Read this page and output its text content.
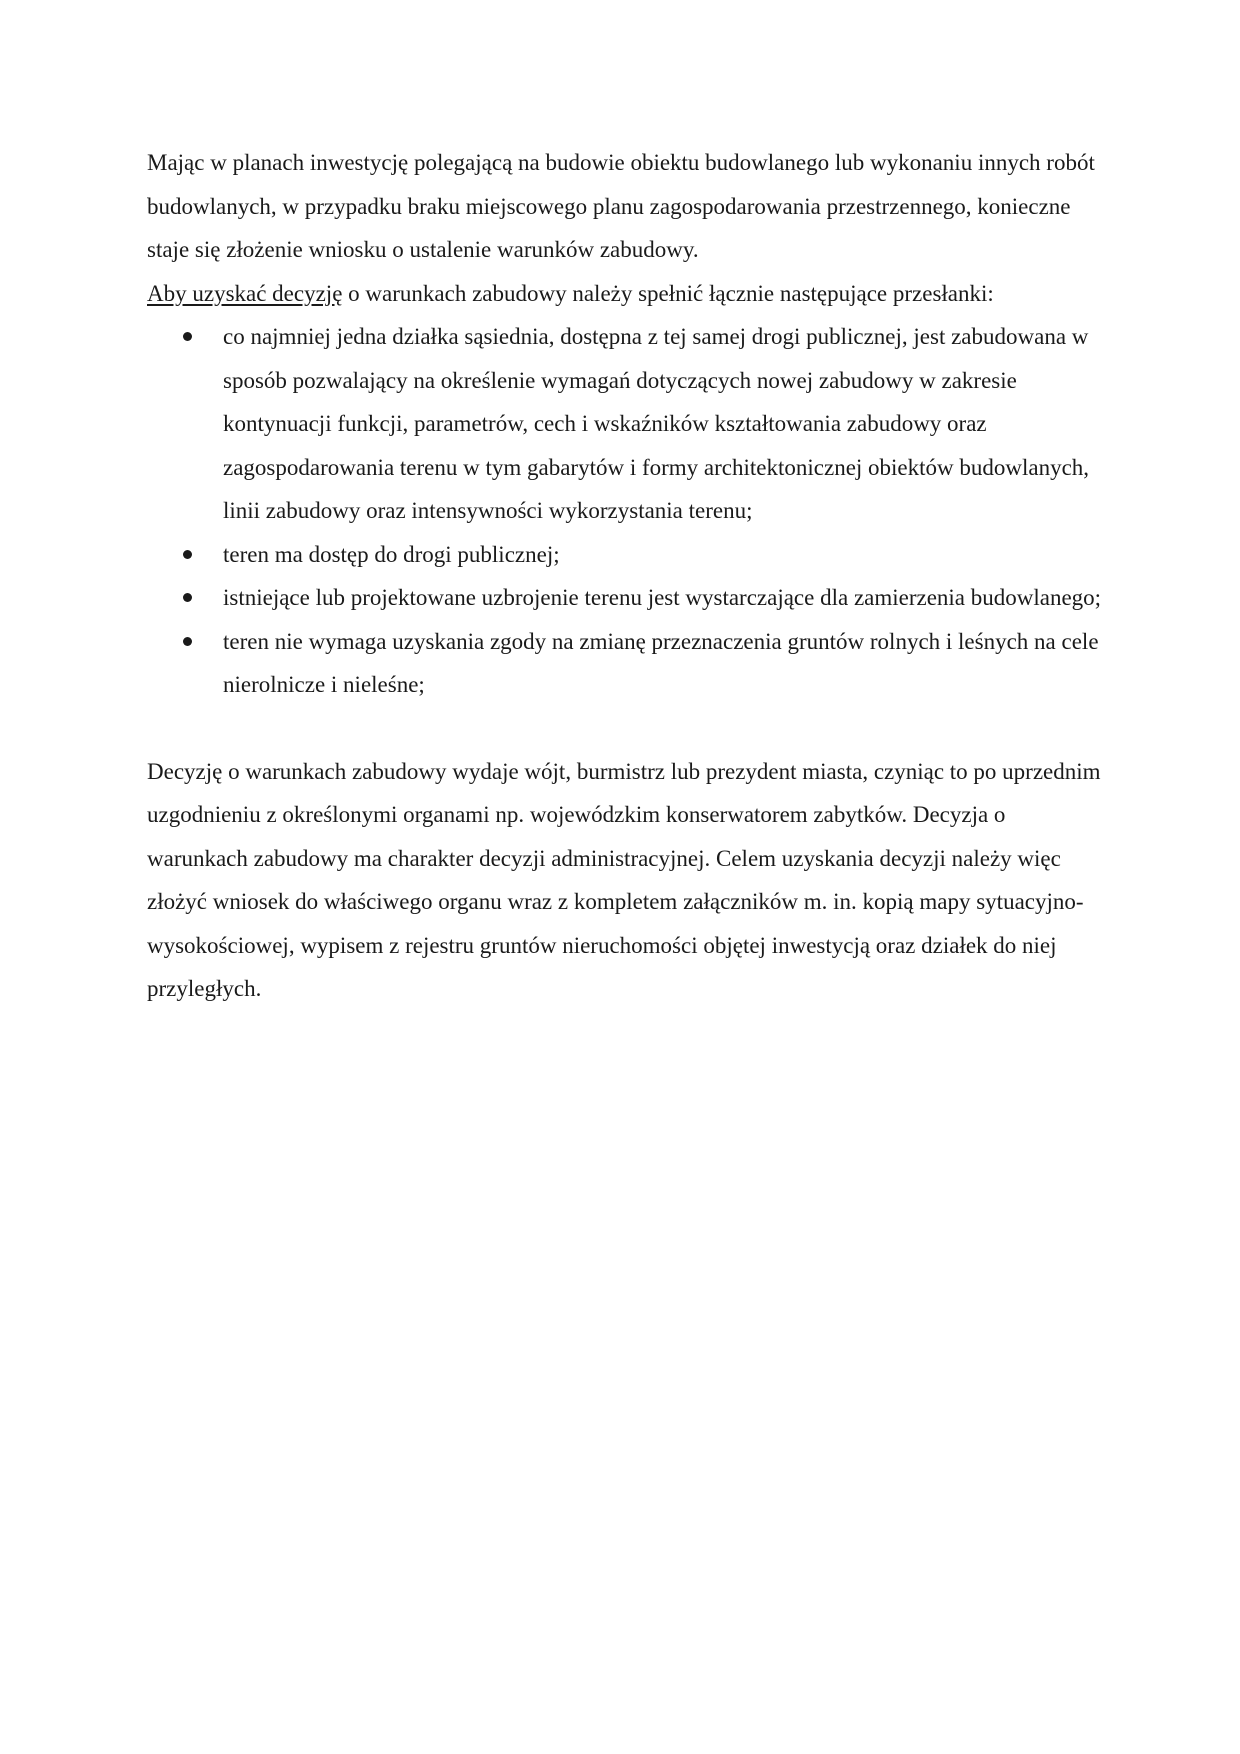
Mając w planach inwestycję polegającą na budowie obiektu budowlanego lub wykonaniu innych robót budowlanych, w przypadku braku miejscowego planu zagospodarowania przestrzennego, konieczne staje się złożenie wniosku o ustalenie warunków zabudowy.

Aby uzyskać decyzję o warunkach zabudowy należy spełnić łącznie następujące przesłanki:

co najmniej jedna działka sąsiednia, dostępna z tej samej drogi publicznej, jest zabudowana w sposób pozwalający na określenie wymagań dotyczących nowej zabudowy w zakresie kontynuacji funkcji, parametrów, cech i wskaźników kształtowania zabudowy oraz zagospodarowania terenu w tym gabarytów i formy architektonicznej obiektów budowlanych, linii zabudowy oraz intensywności wykorzystania terenu;
teren ma dostęp do drogi publicznej;
istniejące lub projektowane uzbrojenie terenu jest wystarczające dla zamierzenia budowlanego;
teren nie wymaga uzyskania zgody na zmianę przeznaczenia gruntów rolnych i leśnych na cele nierolnicze i nieleśne;

Decyzję o warunkach zabudowy wydaje wójt, burmistrz lub prezydent miasta, czyniąc to po uprzednim uzgodnieniu z określonymi organami np. wojewódzkim konserwatorem zabytków. Decyzja o warunkach zabudowy ma charakter decyzji administracyjnej. Celem uzyskania decyzji należy więc złożyć wniosek do właściwego organu wraz z kompletem załączników m. in. kopią mapy sytuacyjno-wysokościowej, wypisem z rejestru gruntów nieruchomości objętej inwestycją oraz działek do niej przyległych.
